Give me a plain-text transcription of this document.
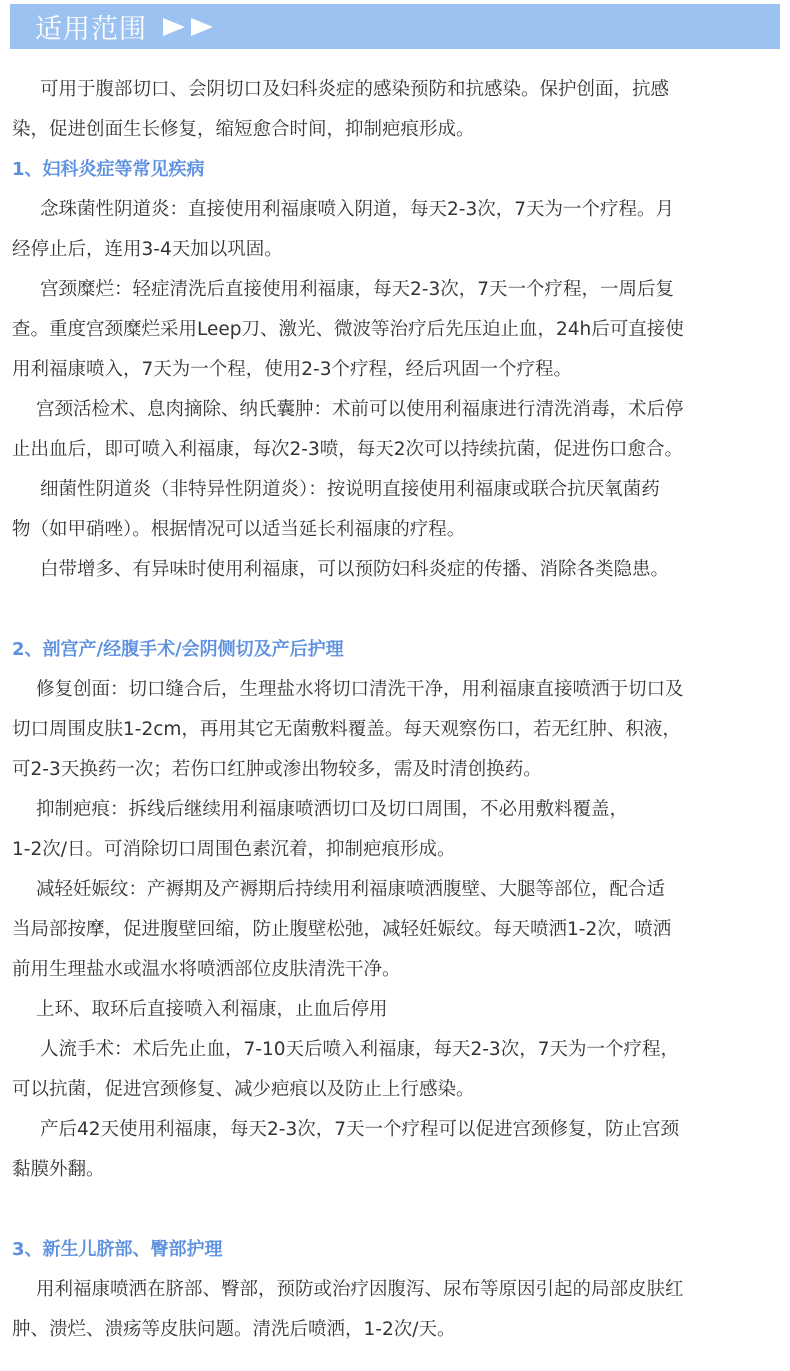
适用范围

可用于腹部切口、会阴切口及妇科炎症的感染预防和抗感染。保护创面，抗感

染，促进创面生长修复，缩短愈合时间，抑制疤痕形成。

1、妇科炎症等常见疾病

念珠菌性阴道炎：直接使用利福康喷入阴道，每天2-3次，7天为一个疗程。月

经停止后，连用3-4天加以巩固。

宫颈糜烂：轻症清洗后直接使用利福康，每天2-3次，7天一个疗程，一周后复

查。重度宫颈糜烂采用Leep刀、激光、微波等治疗后先压迫止血，24h后可直接使

用利福康喷入，7天为一个程，使用2-3个疗程，经后巩固一个疗程。

宫颈活检术、息肉摘除、纳氏囊肿：术前可以使用利福康进行清洗消毒，术后停

止出血后，即可喷入利福康，每次2-3喷，每天2次可以持续抗菌，促进伤口愈合。

细菌性阴道炎（非特异性阴道炎）：按说明直接使用利福康或联合抗厌氧菌药

物（如甲硝唑）。根据情况可以适当延长利福康的疗程。

白带增多、有异味时使用利福康，可以预防妇科炎症的传播、消除各类隐患。

2、剖宫产/经腹手术/会阴侧切及产后护理

修复创面：切口缝合后，生理盐水将切口清洗干净，用利福康直接喷洒于切口及

切口周围皮肤1-2cm，再用其它无菌敷料覆盖。每天观察伤口，若无红肿、积液，

可2-3天换药一次；若伤口红肿或渗出物较多，需及时清创换药。

抑制疤痕：拆线后继续用利福康喷洒切口及切口周围，不必用敷料覆盖，

1-2次/日。可消除切口周围色素沉着，抑制疤痕形成。

减轻妊娠纹：产褥期及产褥期后持续用利福康喷洒腹壁、大腿等部位，配合适

当局部按摩，促进腹壁回缩，防止腹壁松弛，减轻妊娠纹。每天喷洒1-2次，喷洒

前用生理盐水或温水将喷洒部位皮肤清洗干净。

上环、取环后直接喷入利福康，止血后停用

人流手术：术后先止血，7-10天后喷入利福康，每天2-3次，7天为一个疗程，

可以抗菌，促进宫颈修复、减少疤痕以及防止上行感染。

产后42天使用利福康，每天2-3次，7天一个疗程可以促进宫颈修复，防止宫颈

黏膜外翻。

3、新生儿脐部、臀部护理

用利福康喷洒在脐部、臀部，预防或治疗因腹泻、尿布等原因引起的局部皮肤红

肿、溃烂、溃疡等皮肤问题。清洗后喷洒，1-2次/天。
